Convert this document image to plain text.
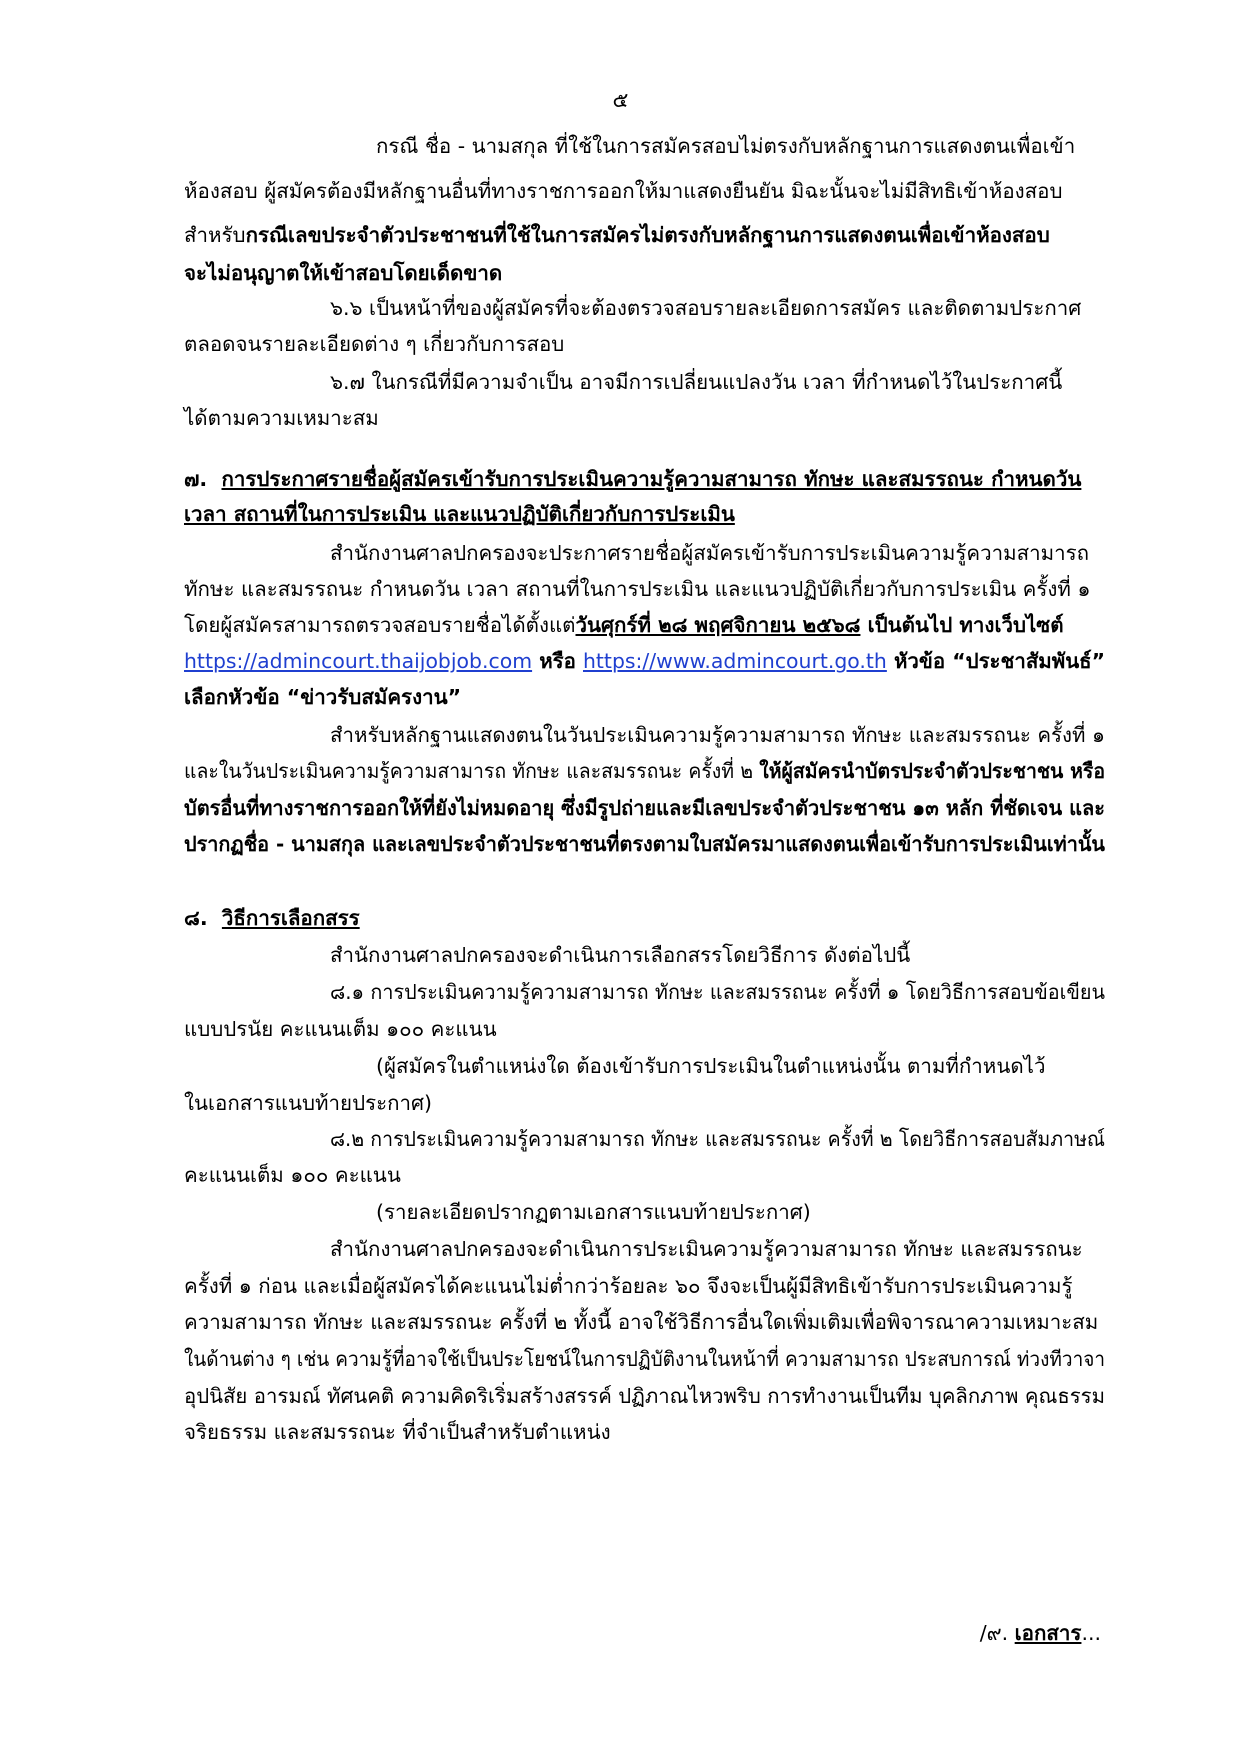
๕
กรณี ชื่อ - นามสกุล ที่ใช้ในการสมัครสอบไม่ตรงกับหลักฐานการแสดงตนเพื่อเข้า
ห้องสอบ ผู้สมัครต้องมีหลักฐานอื่นที่ทางราชการออกให้มาแสดงยืนยัน มิฉะนั้นจะไม่มีสิทธิเข้าห้องสอบ
สำหรับกรณีเลขประจำตัวประชาชนที่ใช้ในการสมัครไม่ตรงกับหลักฐานการแสดงตนเพื่อเข้าห้องสอบ
จะไม่อนุญาตให้เข้าสอบโดยเด็ดขาด
๖.๖ เป็นหน้าที่ของผู้สมัครที่จะต้องตรวจสอบรายละเอียดการสมัคร และติดตามประกาศ
ตลอดจนรายละเอียดต่าง ๆ เกี่ยวกับการสอบ
๖.๗ ในกรณีที่มีความจำเป็น อาจมีการเปลี่ยนแปลงวัน เวลา ที่กำหนดไว้ในประกาศนี้
ได้ตามความเหมาะสม
๗. การประกาศรายชื่อผู้สมัครเข้ารับการประเมินความรู้ความสามารถ ทักษะ และสมรรถนะ กำหนดวัน
เวลา สถานที่ในการประเมิน และแนวปฏิบัติเกี่ยวกับการประเมิน
สำนักงานศาลปกครองจะประกาศรายชื่อผู้สมัครเข้ารับการประเมินความรู้ความสามารถ
ทักษะ และสมรรถนะ กำหนดวัน เวลา สถานที่ในการประเมิน และแนวปฏิบัติเกี่ยวกับการประเมิน ครั้งที่ ๑
โดยผู้สมัครสามารถตรวจสอบรายชื่อได้ตั้งแต่วันศุกร์ที่ ๒๘ พฤศจิกายน ๒๕๖๘ เป็นต้นไป ทางเว็บไซต์
https://admincourt.thaijobjob.com หรือ https://www.admincourt.go.th หัวข้อ “ประชาสัมพันธ์”
เลือกหัวข้อ “ข่าวรับสมัครงาน”
สำหรับหลักฐานแสดงตนในวันประเมินความรู้ความสามารถ ทักษะ และสมรรถนะ ครั้งที่ ๑
และในวันประเมินความรู้ความสามารถ ทักษะ และสมรรถนะ ครั้งที่ ๒ ให้ผู้สมัครนำบัตรประจำตัวประชาชน หรือ
บัตรอื่นที่ทางราชการออกให้ที่ยังไม่หมดอายุ ซึ่งมีรูปถ่ายและมีเลขประจำตัวประชาชน ๑๓ หลัก ที่ชัดเจน และ
ปรากฏชื่อ - นามสกุล และเลขประจำตัวประชาชนที่ตรงตามใบสมัครมาแสดงตนเพื่อเข้ารับการประเมินเท่านั้น
๘. วิธีการเลือกสรร
สำนักงานศาลปกครองจะดำเนินการเลือกสรรโดยวิธีการ ดังต่อไปนี้
๘.๑ การประเมินความรู้ความสามารถ ทักษะ และสมรรถนะ ครั้งที่ ๑ โดยวิธีการสอบข้อเขียน
แบบปรนัย คะแนนเต็ม ๑๐๐ คะแนน
(ผู้สมัครในตำแหน่งใด ต้องเข้ารับการประเมินในตำแหน่งนั้น ตามที่กำหนดไว้
ในเอกสารแนบท้ายประกาศ)
๘.๒ การประเมินความรู้ความสามารถ ทักษะ และสมรรถนะ ครั้งที่ ๒ โดยวิธีการสอบสัมภาษณ์
คะแนนเต็ม ๑๐๐ คะแนน
(รายละเอียดปรากฏตามเอกสารแนบท้ายประกาศ)
สำนักงานศาลปกครองจะดำเนินการประเมินความรู้ความสามารถ ทักษะ และสมรรถนะ
ครั้งที่ ๑ ก่อน และเมื่อผู้สมัครได้คะแนนไม่ต่ำกว่าร้อยละ ๖๐ จึงจะเป็นผู้มีสิทธิเข้ารับการประเมินความรู้
ความสามารถ ทักษะ และสมรรถนะ ครั้งที่ ๒ ทั้งนี้ อาจใช้วิธีการอื่นใดเพิ่มเติมเพื่อพิจารณาความเหมาะสม
ในด้านต่าง ๆ เช่น ความรู้ที่อาจใช้เป็นประโยชน์ในการปฏิบัติงานในหน้าที่ ความสามารถ ประสบการณ์ ท่วงทีวาจา
อุปนิสัย อารมณ์ ทัศนคติ ความคิดริเริ่มสร้างสรรค์ ปฏิภาณไหวพริบ การทำงานเป็นทีม บุคลิกภาพ คุณธรรม
จริยธรรม และสมรรถนะ ที่จำเป็นสำหรับตำแหน่ง
/๙. เอกสาร...
